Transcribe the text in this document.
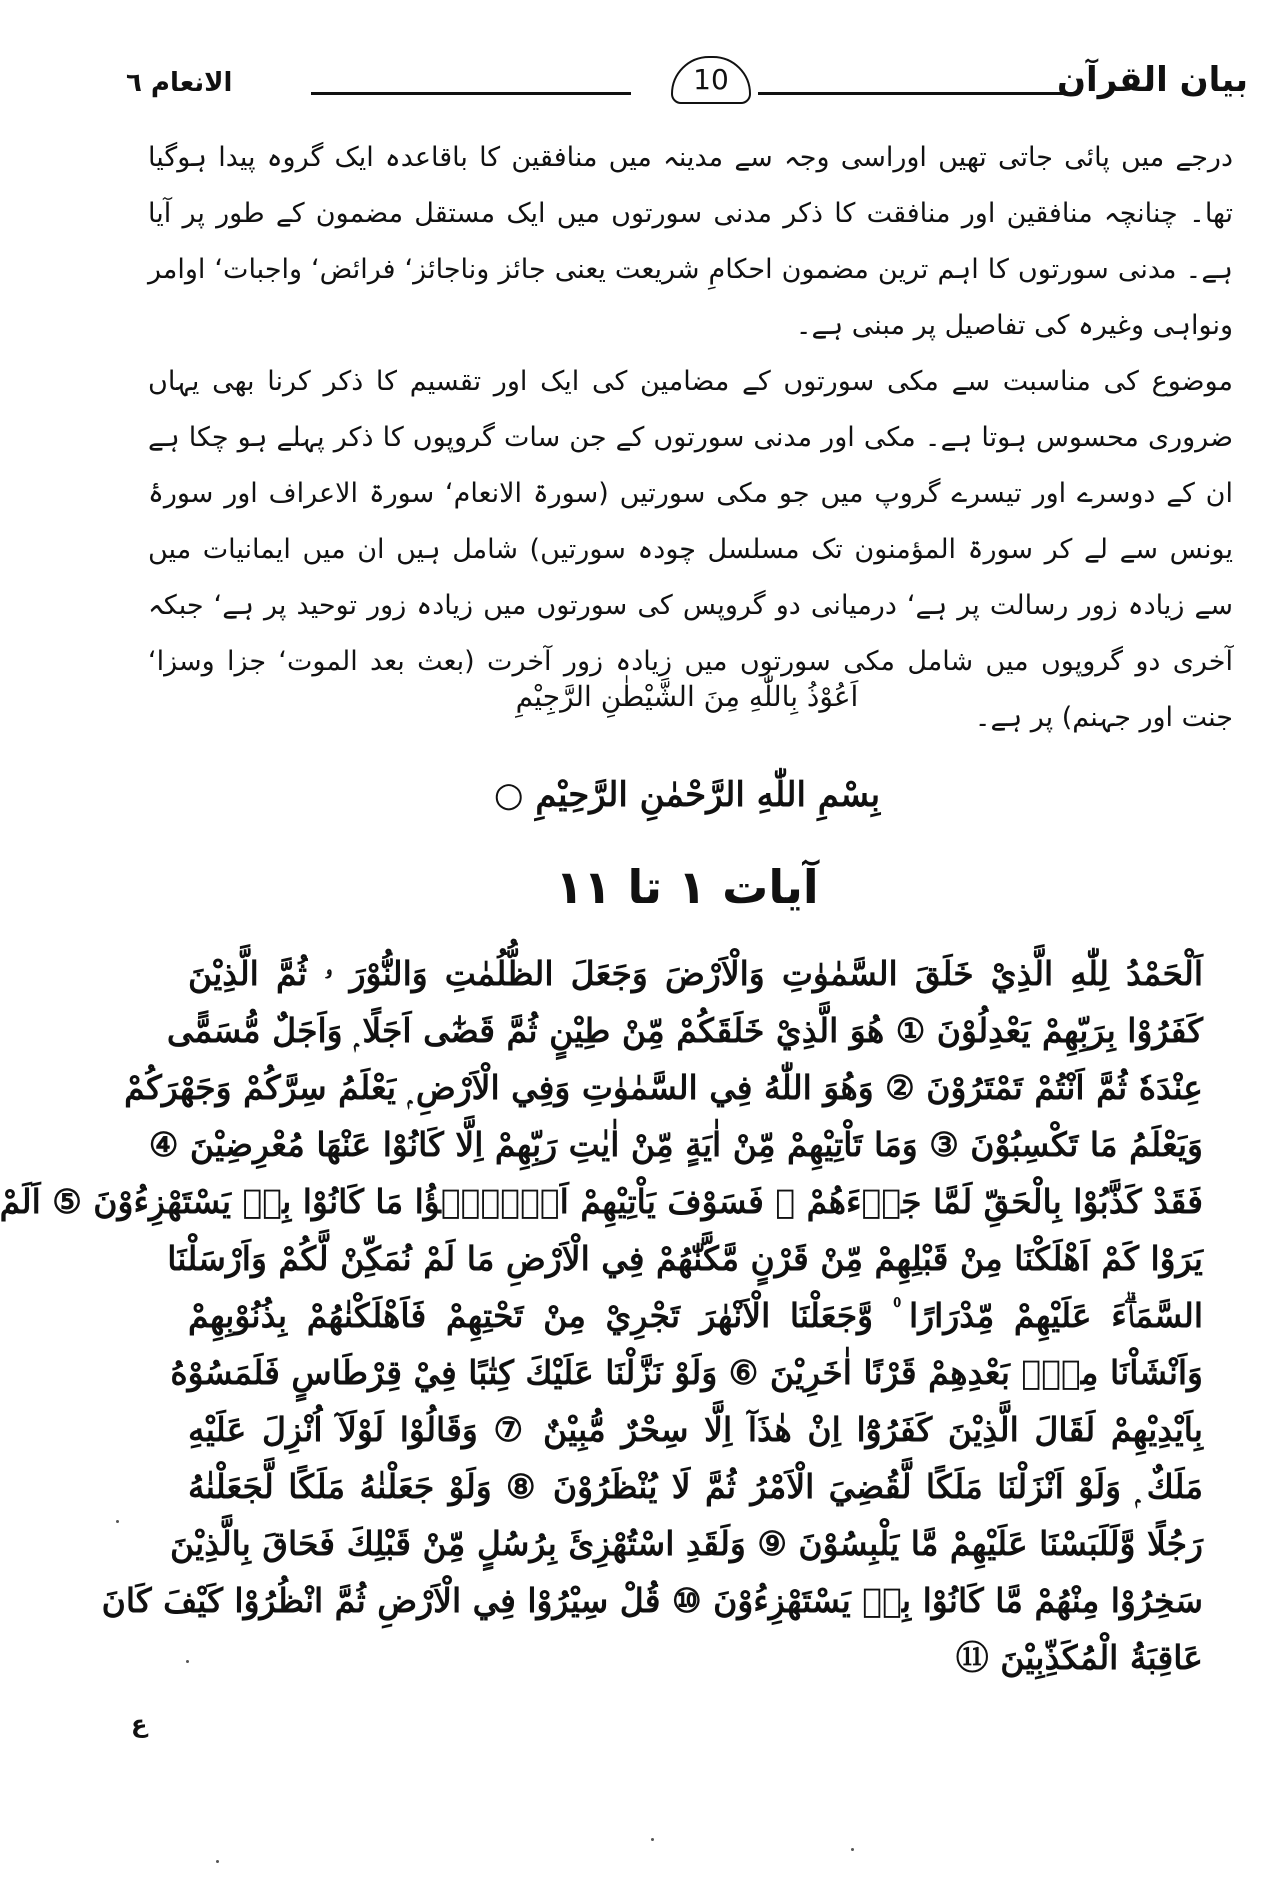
بیان القرآن
10
الانعام ٦

درجے میں پائی جاتی تھیں اوراسی وجہ سے مدینہ میں منافقین کا باقاعدہ ایک گروہ پیدا ہوگیا تھا۔ چنانچہ منافقین اور منافقت کا ذکر مدنی سورتوں میں ایک مستقل مضمون کے طور پر آیا ہے۔ مدنی سورتوں کا اہم ترین مضمون احکامِ شریعت یعنی جائز وناجائز‘ فرائض‘ واجبات‘ اوامر ونواہی وغیرہ کی تفاصیل پر مبنی ہے۔

موضوع کی مناسبت سے مکی سورتوں کے مضامین کی ایک اور تقسیم کا ذکر کرنا بھی یہاں ضروری محسوس ہوتا ہے۔ مکی اور مدنی سورتوں کے جن سات گروپوں کا ذکر پہلے ہو چکا ہے ان کے دوسرے اور تیسرے گروپ میں جو مکی سورتیں (سورۃ الانعام‘ سورۃ الاعراف اور سورۂ یونس سے لے کر سورۃ المؤمنون تک مسلسل چودہ سورتیں) شامل ہیں ان میں ایمانیات میں سے زیادہ زور رسالت پر ہے‘ درمیانی دو گروپس کی سورتوں میں زیادہ زور توحید پر ہے‘ جبکہ آخری دو گروپوں میں شامل مکی سورتوں میں زیادہ زور آخرت (بعث بعد الموت‘ جزا وسزا‘ جنت اور جہنم) پر ہے۔

اَعُوْذُ بِاللّٰهِ مِنَ الشَّيْطٰنِ الرَّجِيْمِ
بِسْمِ اللّٰهِ الرَّحْمٰنِ الرَّحِيْمِ ○
آیات ۱ تا ۱۱
اَلْحَمْدُ لِلّٰهِ الَّذِيْ خَلَقَ السَّمٰوٰتِ وَالْاَرْضَ وَجَعَلَ الظُّلُمٰتِ وَالنُّوْرَ ۥ ثُمَّ الَّذِيْنَ
كَفَرُوْا بِرَبِّهِمْ يَعْدِلُوْنَ ① هُوَ الَّذِيْ خَلَقَكُمْ مِّنْ طِيْنٍ ثُمَّ قَضٰٓى اَجَلًا ۭ وَاَجَلٌ مُّسَمًّى
عِنْدَهٗ ثُمَّ اَنْتُمْ تَمْتَرُوْنَ ② وَهُوَ اللّٰهُ فِي السَّمٰوٰتِ وَفِي الْاَرْضِ ۭ يَعْلَمُ سِرَّكُمْ وَجَهْرَكُمْ
وَيَعْلَمُ مَا تَكْسِبُوْنَ ③ وَمَا تَاْتِيْهِمْ مِّنْ اٰيَةٍ مِّنْ اٰيٰتِ رَبِّهِمْ اِلَّا كَانُوْا عَنْهَا مُعْرِضِيْنَ ④
فَقَدْ كَذَّبُوْا بِالْحَقِّ لَمَّا جَاۗءَهُمْ ۭ فَسَوْفَ يَاْتِيْهِمْ اَنْۢبٰۗؤُا مَا كَانُوْا بِهٖ يَسْتَهْزِءُوْنَ ⑤ اَلَمْ
يَرَوْا كَمْ اَهْلَكْنَا مِنْ قَبْلِهِمْ مِّنْ قَرْنٍ مَّكَّنّٰهُمْ فِي الْاَرْضِ مَا لَمْ نُمَكِّنْ لَّكُمْ وَاَرْسَلْنَا
السَّمَاۗءَ عَلَيْهِمْ مِّدْرَارًا ۠ وَّجَعَلْنَا الْاَنْهٰرَ تَجْرِيْ مِنْ تَحْتِهِمْ فَاَهْلَكْنٰهُمْ بِذُنُوْبِهِمْ
وَاَنْشَاْنَا مِنْۢ بَعْدِهِمْ قَرْنًا اٰخَرِيْنَ ⑥ وَلَوْ نَزَّلْنَا عَلَيْكَ كِتٰبًا فِيْ قِرْطَاسٍ فَلَمَسُوْهُ
بِاَيْدِيْهِمْ لَقَالَ الَّذِيْنَ كَفَرُوْٓا اِنْ هٰذَآ اِلَّا سِحْرٌ مُّبِيْنٌ ⑦ وَقَالُوْا لَوْلَآ اُنْزِلَ عَلَيْهِ
مَلَكٌ ۭ وَلَوْ اَنْزَلْنَا مَلَكًا لَّقُضِيَ الْاَمْرُ ثُمَّ لَا يُنْظَرُوْنَ ⑧ وَلَوْ جَعَلْنٰهُ مَلَكًا لَّجَعَلْنٰهُ
رَجُلًا وَّلَلَبَسْنَا عَلَيْهِمْ مَّا يَلْبِسُوْنَ ⑨ وَلَقَدِ اسْتُهْزِئَ بِرُسُلٍ مِّنْ قَبْلِكَ فَحَاقَ بِالَّذِيْنَ
سَخِرُوْا مِنْهُمْ مَّا كَانُوْا بِهٖ يَسْتَهْزِءُوْنَ ⑩ قُلْ سِيْرُوْا فِي الْاَرْضِ ثُمَّ انْظُرُوْا كَيْفَ كَانَ
عَاقِبَةُ الْمُكَذِّبِيْنَ ⑪
ع
